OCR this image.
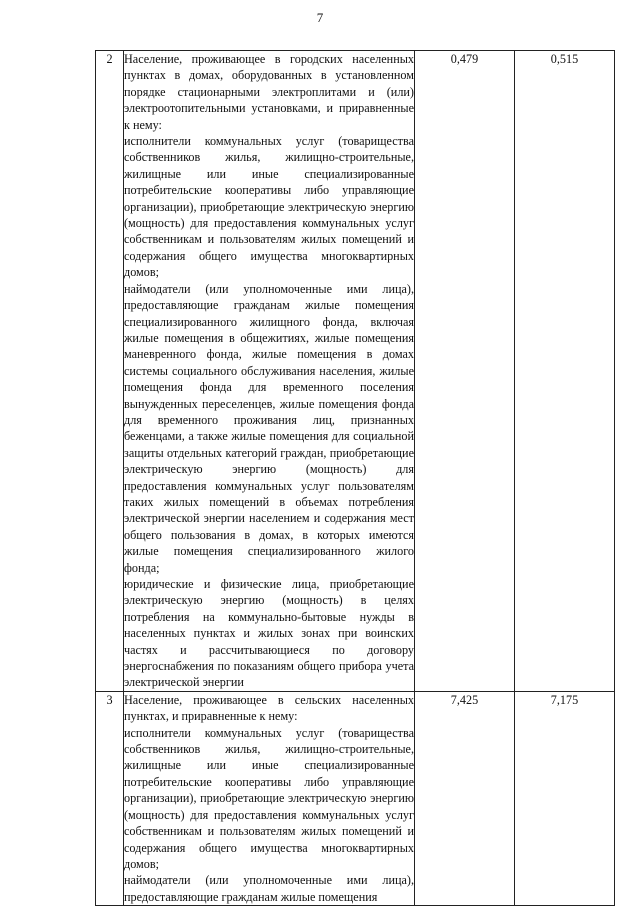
7
2	Население, проживающее в городских населенных пунктах в домах, оборудованных в установленном порядке стационарными электроплитами и (или) электроотопительными установками, и приравненные к нему:

исполнители коммунальных услуг (товарищества собственников жилья, жилищно-строительные, жилищные или иные специализированные потребительские кооперативы либо управляющие организации), приобретающие электрическую энергию (мощность) для предоставления коммунальных услуг собственникам и пользователям жилых помещений и содержания общего имущества многоквартирных домов;

наймодатели (или уполномоченные ими лица), предоставляющие гражданам жилые помещения специализированного жилищного фонда, включая жилые помещения в общежитиях, жилые помещения маневренного фонда, жилые помещения в домах системы социального обслуживания населения, жилые помещения фонда для временного поселения вынужденных переселенцев, жилые помещения фонда для временного проживания лиц, признанных беженцами, а также жилые помещения для социальной защиты отдельных категорий граждан, приобретающие электрическую энергию (мощность) для предоставления коммунальных услуг пользователям таких жилых помещений в объемах потребления электрической энергии населением и содержания мест общего пользования в домах, в которых имеются жилые помещения специализированного жилого фонда;

юридические и физические лица, приобретающие электрическую энергию (мощность) в целях потребления на коммунально-бытовые нужды в населенных пунктах и жилых зонах при воинских частях и рассчитывающиеся по договору энергоснабжения по показаниям общего прибора учета электрической энергии	0,479	0,515
3	Население, проживающее в сельских населенных пунктах, и приравненные к нему:

исполнители коммунальных услуг (товарищества собственников жилья, жилищно-строительные, жилищные или иные специализированные потребительские кооперативы либо управляющие организации), приобретающие электрическую энергию (мощность) для предоставления коммунальных услуг собственникам и пользователям жилых помещений и содержания общего имущества многоквартирных домов;

наймодатели (или уполномоченные ими лица), предоставляющие гражданам жилые помещения	7,425	7,175
